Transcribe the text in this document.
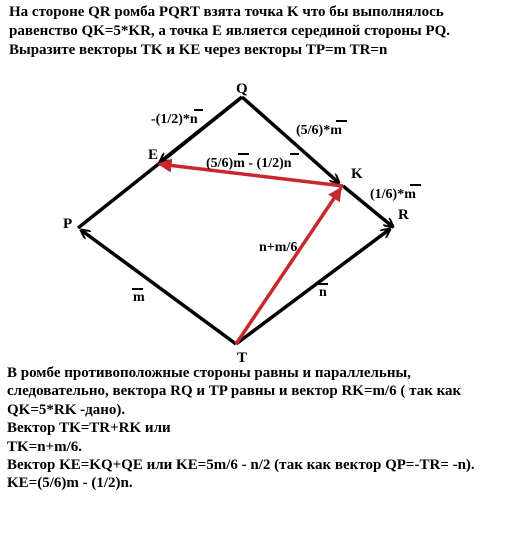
На стороне QR ромба PQRT взята точка K что бы выполнялось
равенство QK=5*KR, а точка E является серединой стороны PQ.
Выразите векторы TK и KE через векторы TP=m TR=n
Q
E
K
P
R
T
-(1/2)*n
(5/6)*m
(5/6)m - (1/2)n
(1/6)*m
n+m/6
m	n
В ромбе противоположные стороны равны и параллельны,
следовательно, вектора RQ и TP равны и вектор RK=m/6 ( так как
QK=5*RK -дано).
Вектор TK=TR+RK или
TK=n+m/6.
Вектор KE=KQ+QE или KE=5m/6 - n/2 (так как вектор QP=-TR= -n).
KE=(5/6)m - (1/2)n.
